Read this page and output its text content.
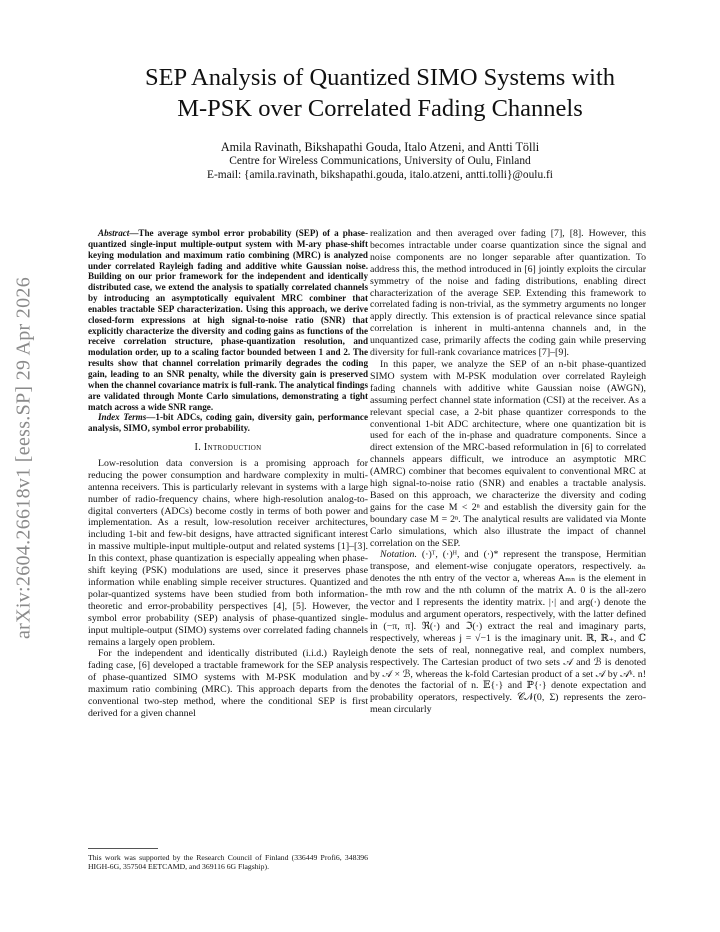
arXiv:2604.26618v1 [eess.SP] 29 Apr 2026
SEP Analysis of Quantized SIMO Systems with
M-PSK over Correlated Fading Channels
Amila Ravinath, Bikshapathi Gouda, Italo Atzeni, and Antti Tölli
Centre for Wireless Communications, University of Oulu, Finland
E-mail: {amila.ravinath, bikshapathi.gouda, italo.atzeni, antti.tolli}@oulu.fi

Abstract—The average symbol error probability (SEP) of a phase-quantized single-input multiple-output system with M-ary phase-shift keying modulation and maximum ratio combining (MRC) is analyzed under correlated Rayleigh fading and additive white Gaussian noise. Building on our prior framework for the independent and identically distributed case, we extend the analysis to spatially correlated channels by introducing an asymptotically equivalent MRC combiner that enables tractable SEP characterization. Using this approach, we derive closed-form expressions at high signal-to-noise ratio (SNR) that explicitly characterize the diversity and coding gains as functions of the receive correlation structure, phase-quantization resolution, and modulation order, up to a scaling factor bounded between 1 and 2. The results show that channel correlation primarily degrades the coding gain, leading to an SNR penalty, while the diversity gain is preserved when the channel covariance matrix is full-rank. The analytical findings are validated through Monte Carlo simulations, demonstrating a tight match across a wide SNR range.

Index Terms—1-bit ADCs, coding gain, diversity gain, performance analysis, SIMO, symbol error probability.

I. Introduction

Low-resolution data conversion is a promising approach for reducing the power consumption and hardware complexity in multi-antenna receivers. This is particularly relevant in systems with a large number of radio-frequency chains, where high-resolution analog-to-digital converters (ADCs) become costly in terms of both power and implementation. As a result, low-resolution receiver architectures, including 1-bit and few-bit designs, have attracted significant interest in massive multiple-input multiple-output and related systems [1]–[3]. In this context, phase quantization is especially appealing when phase-shift keying (PSK) modulations are used, since it preserves phase information while enabling simple receiver structures. Quantized and polar-quantized systems have been studied from both information-theoretic and error-probability perspectives [4], [5]. However, the symbol error probability (SEP) analysis of phase-quantized single-input multiple-output (SIMO) systems over correlated fading channels remains a largely open problem.

For the independent and identically distributed (i.i.d.) Rayleigh fading case, [6] developed a tractable framework for the SEP analysis of phase-quantized SIMO systems with M-PSK modulation and maximum ratio combining (MRC). This approach departs from the conventional two-step method, where the conditional SEP is first derived for a given channel

This work was supported by the Research Council of Finland (336449 Profi6, 348396 HIGH-6G, 357504 EETCAMD, and 369116 6G Flagship).

realization and then averaged over fading [7], [8]. However, this becomes intractable under coarse quantization since the signal and noise components are no longer separable after quantization. To address this, the method introduced in [6] jointly exploits the circular symmetry of the noise and fading distributions, enabling direct characterization of the average SEP. Extending this framework to correlated fading is non-trivial, as the symmetry arguments no longer apply directly. This extension is of practical relevance since spatial correlation is inherent in multi-antenna channels and, in the unquantized case, primarily affects the coding gain while preserving diversity for full-rank covariance matrices [7]–[9].

In this paper, we analyze the SEP of an n-bit phase-quantized SIMO system with M-PSK modulation over correlated Rayleigh fading channels with additive white Gaussian noise (AWGN), assuming perfect channel state information (CSI) at the receiver. As a relevant special case, a 2-bit phase quantizer corresponds to the conventional 1-bit ADC architecture, where one quantization bit is used for each of the in-phase and quadrature components. Since a direct extension of the MRC-based reformulation in [6] to correlated channels appears difficult, we introduce an asymptotic MRC (AMRC) combiner that becomes equivalent to conventional MRC at high signal-to-noise ratio (SNR) and enables a tractable analysis. Based on this approach, we characterize the diversity and coding gains for the case M < 2ⁿ and establish the diversity gain for the boundary case M = 2ⁿ. The analytical results are validated via Monte Carlo simulations, which also illustrate the impact of channel correlation on the SEP.

Notation. (·)ᵀ, (·)ᴴ, and (·)* represent the transpose, Hermitian transpose, and element-wise conjugate operators, respectively. aₙ denotes the nth entry of the vector a, whereas Aₘₙ is the element in the mth row and the nth column of the matrix A. 0 is the all-zero vector and I represents the identity matrix. |·| and arg(·) denote the modulus and argument operators, respectively, with the latter defined in (−π, π]. ℜ(·) and ℑ(·) extract the real and imaginary parts, respectively, whereas j = √−1 is the imaginary unit. ℝ, ℝ₊, and ℂ denote the sets of real, nonnegative real, and complex numbers, respectively. The Cartesian product of two sets 𝒜 and ℬ is denoted by 𝒜 × ℬ, whereas the k-fold Cartesian product of a set 𝒜 by 𝒜ᵏ. n! denotes the factorial of n. 𝔼{·} and ℙ{·} denote expectation and probability operators, respectively. 𝒞𝒩(0, Σ) represents the zero-mean circularly
